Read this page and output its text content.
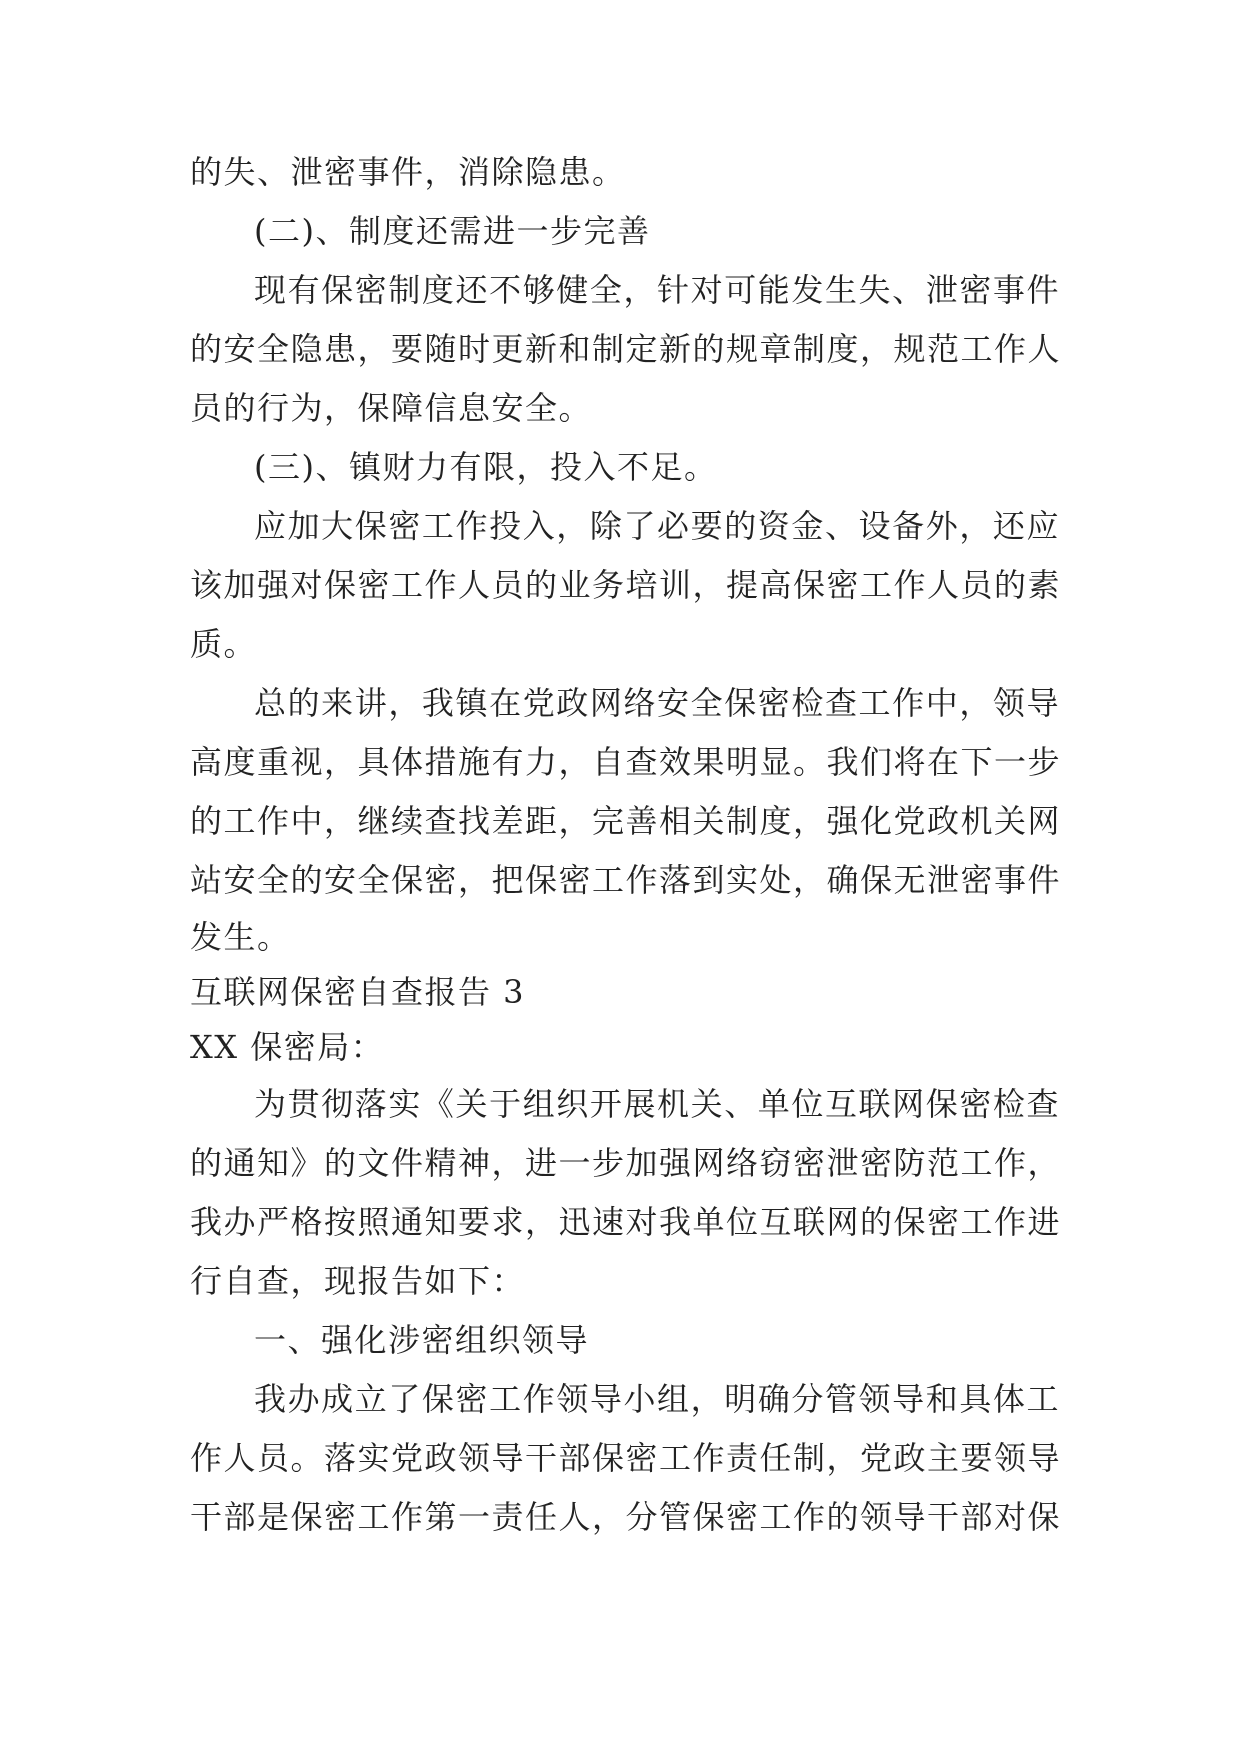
的失、泄密事件，消除隐患。
(二)、制度还需进一步完善
现有保密制度还不够健全，针对可能发生失、泄密事件
的安全隐患，要随时更新和制定新的规章制度，规范工作人
员的行为，保障信息安全。
(三)、镇财力有限，投入不足。
应加大保密工作投入，除了必要的资金、设备外，还应
该加强对保密工作人员的业务培训，提高保密工作人员的素
质。
总的来讲，我镇在党政网络安全保密检查工作中，领导
高度重视，具体措施有力，自查效果明显。我们将在下一步
的工作中，继续查找差距，完善相关制度，强化党政机关网
站安全的安全保密，把保密工作落到实处，确保无泄密事件
发生。
互联网保密自查报告 3
XX 保密局：
为贯彻落实《关于组织开展机关、单位互联网保密检查
的通知》的文件精神，进一步加强网络窃密泄密防范工作，
我办严格按照通知要求，迅速对我单位互联网的保密工作进
行自查，现报告如下：
一、强化涉密组织领导
我办成立了保密工作领导小组，明确分管领导和具体工
作人员。落实党政领导干部保密工作责任制，党政主要领导
干部是保密工作第一责任人，分管保密工作的领导干部对保
